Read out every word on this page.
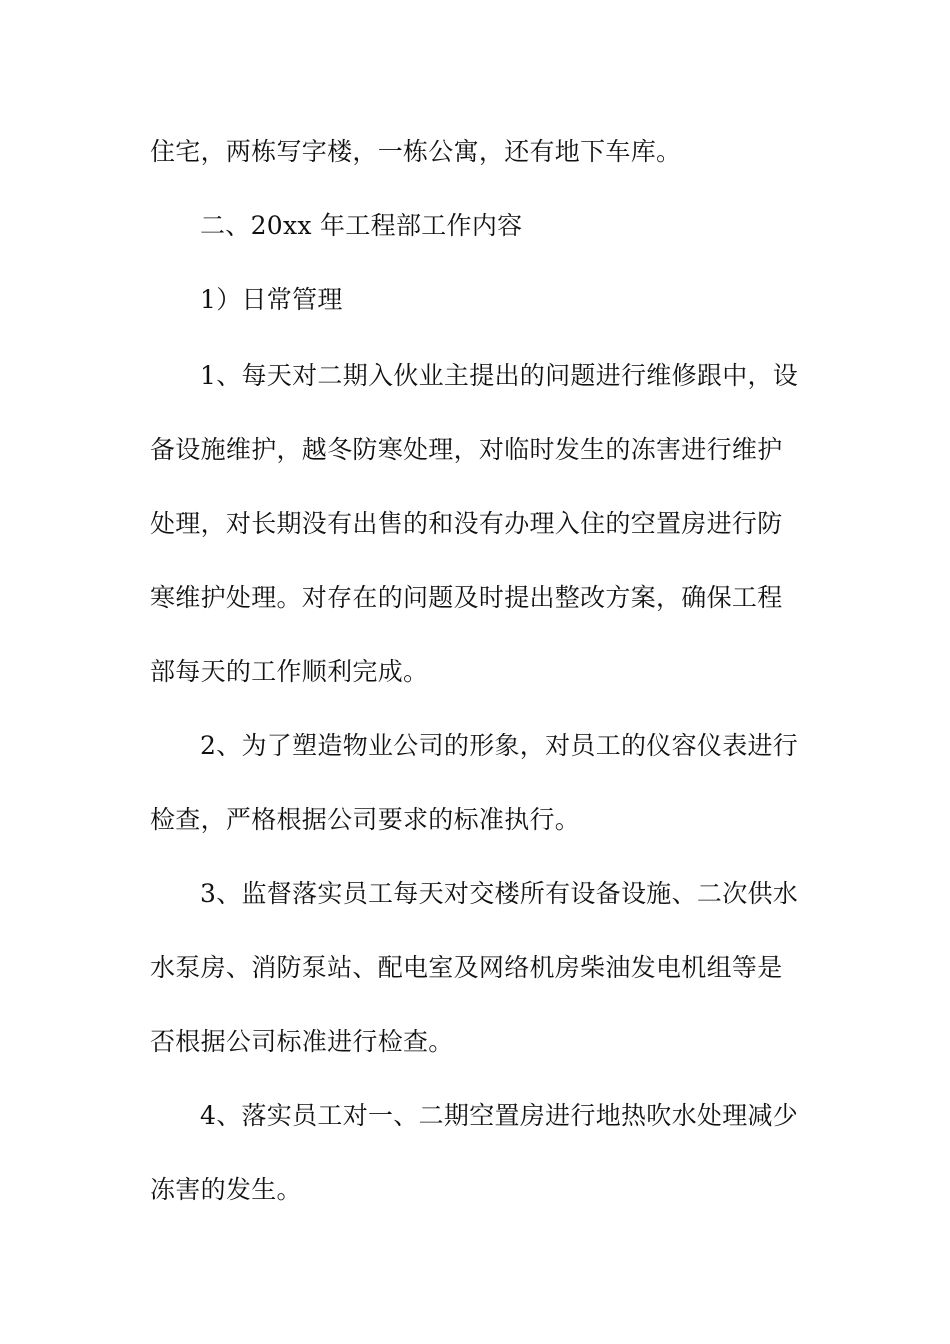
住宅，两栋写字楼，一栋公寓，还有地下车库。
二、20xx 年工程部工作内容
1）日常管理
1、每天对二期入伙业主提出的问题进行维修跟中，设
备设施维护，越冬防寒处理，对临时发生的冻害进行维护
处理，对长期没有出售的和没有办理入住的空置房进行防
寒维护处理。对存在的问题及时提出整改方案，确保工程
部每天的工作顺利完成。
2、为了塑造物业公司的形象，对员工的仪容仪表进行
检查，严格根据公司要求的标准执行。
3、监督落实员工每天对交楼所有设备设施、二次供水
水泵房、消防泵站、配电室及网络机房柴油发电机组等是
否根据公司标准进行检查。
4、落实员工对一、二期空置房进行地热吹水处理减少
冻害的发生。
